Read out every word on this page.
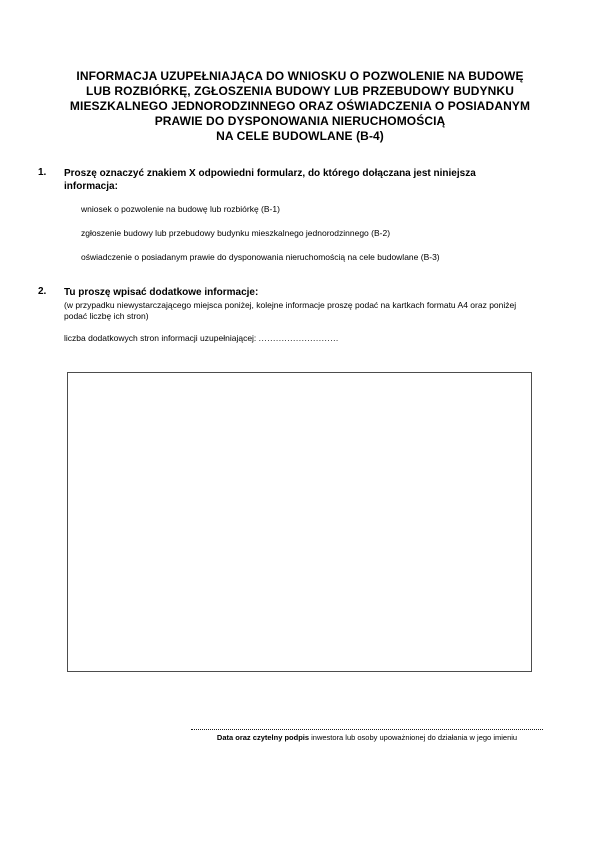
INFORMACJA UZUPEŁNIAJĄCA DO WNIOSKU O POZWOLENIE NA BUDOWĘ
LUB ROZBIÓRKĘ, ZGŁOSZENIA BUDOWY LUB PRZEBUDOWY BUDYNKU
MIESZKALNEGO JEDNORODZINNEGO ORAZ OŚWIADCZENIA O POSIADANYM
PRAWIE DO DYSPONOWANIA NIERUCHOMOŚCIĄ
NA CELE BUDOWLANE (B-4)
1. Proszę oznaczyć znakiem X odpowiedni formularz, do którego dołączana jest niniejsza
informacja:
wniosek o pozwolenie na budowę lub rozbiórkę (B-1)
zgłoszenie budowy lub przebudowy budynku mieszkalnego jednorodzinnego (B-2)
oświadczenie o posiadanym prawie do dysponowania nieruchomością na cele budowlane (B-3)
2. Tu proszę wpisać dodatkowe informacje:
(w przypadku niewystarczającego miejsca poniżej, kolejne informacje proszę podać na kartkach formatu A4 oraz poniżej
podać liczbę ich stron)
liczba dodatkowych stron informacji uzupełniającej: ............................
Data oraz czytelny podpis inwestora lub osoby upoważnionej do działania w jego imieniu
